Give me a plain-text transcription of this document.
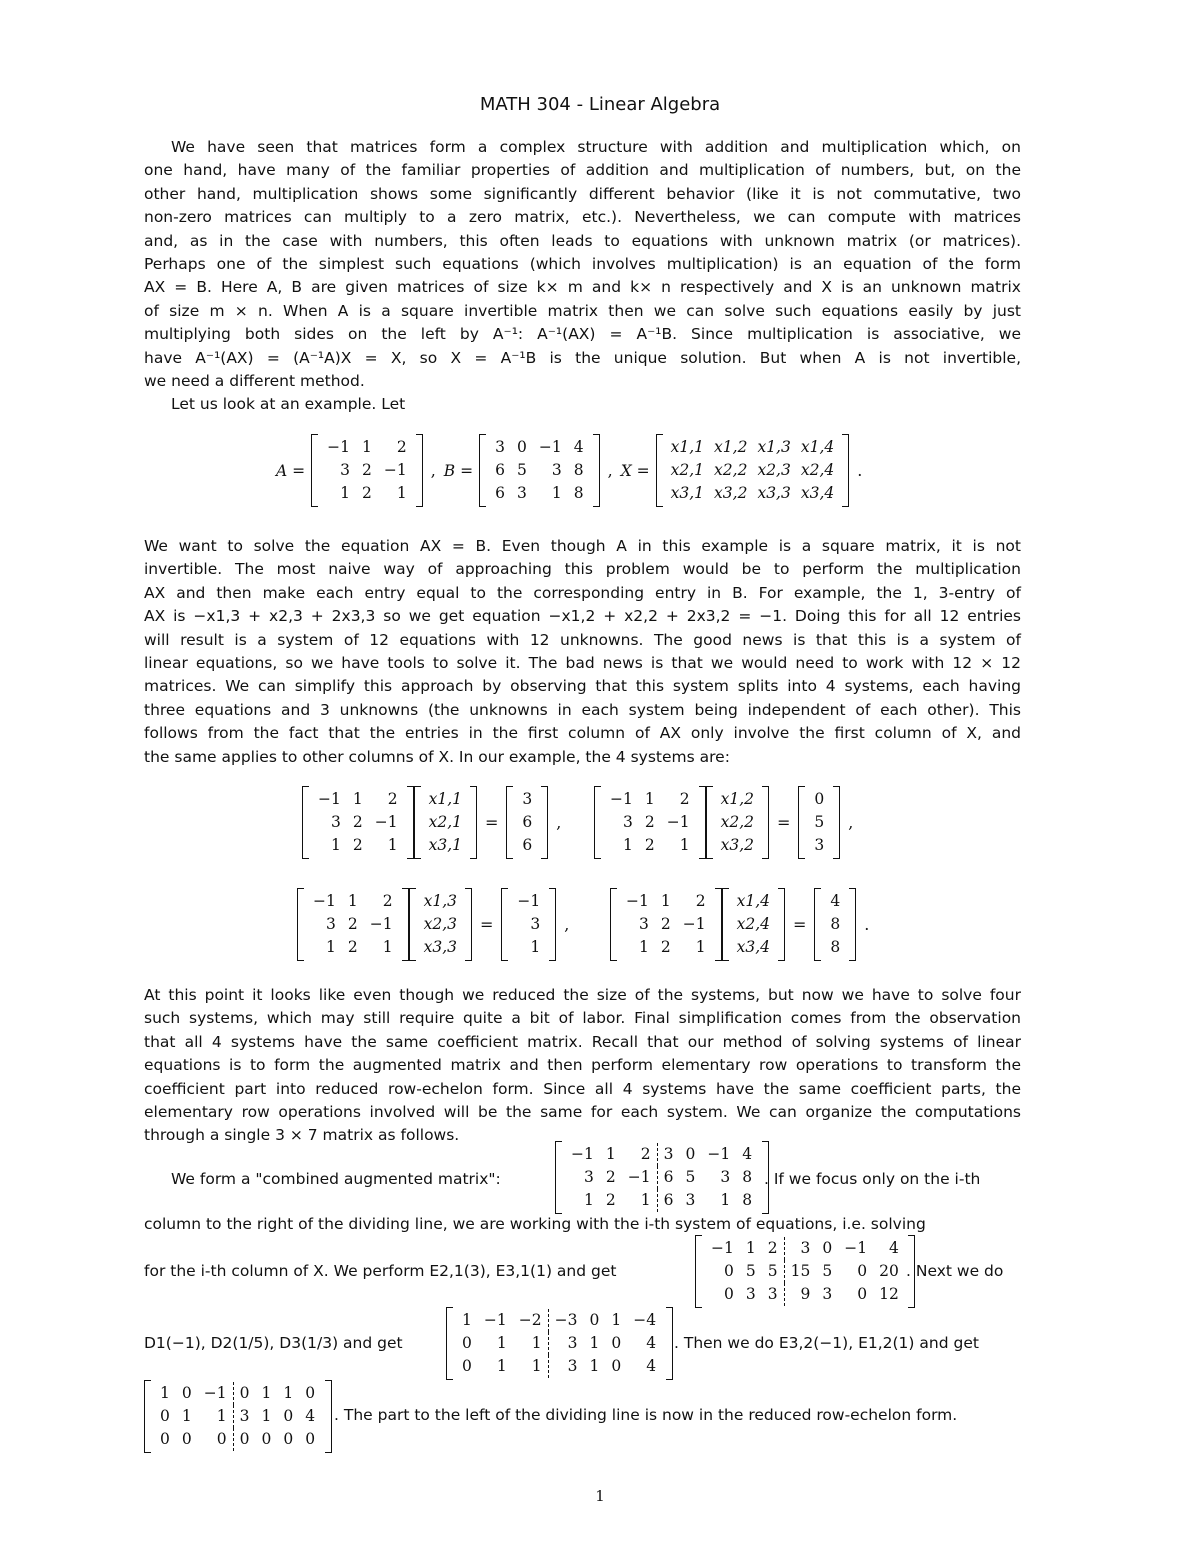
MATH 304 - Linear Algebra

We have seen that matrices form a complex structure with addition and multiplication which, on

one hand, have many of the familiar properties of addition and multiplication of numbers, but, on the

other hand, multiplication shows some significantly different behavior (like it is not commutative, two

non-zero matrices can multiply to a zero matrix, etc.). Nevertheless, we can compute with matrices

and, as in the case with numbers, this often leads to equations with unknown matrix (or matrices).

Perhaps one of the simplest such equations (which involves multiplication) is an equation of the form

AX = B. Here A, B are given matrices of size k× m and k× n respectively and X is an unknown matrix

of size m × n. When A is a square invertible matrix then we can solve such equations easily by just

multiplying both sides on the left by A⁻¹: A⁻¹(AX) = A⁻¹B. Since multiplication is associative, we

have A⁻¹(AX) = (A⁻¹A)X = X, so X = A⁻¹B is the unique solution. But when A is not invertible,

we need a different method.

Let us look at an example. Let

A =
−1	1	2
3	2	−1
1	2	1
, B =
3	0	−1	4
6	5	3	8
6	3	1	8
, X =
x1,1	x1,2	x1,3	x1,4
x2,1	x2,2	x2,3	x2,4
x3,1	x3,2	x3,3	x3,4
.

We want to solve the equation AX = B. Even though A in this example is a square matrix, it is not

invertible. The most naive way of approaching this problem would be to perform the multiplication

AX and then make each entry equal to the corresponding entry in B. For example, the 1, 3-entry of

AX is −x1,3 + x2,3 + 2x3,3 so we get equation −x1,2 + x2,2 + 2x3,2 = −1. Doing this for all 12 entries

will result is a system of 12 equations with 12 unknowns. The good news is that this is a system of

linear equations, so we have tools to solve it. The bad news is that we would need to work with 12 × 12

matrices. We can simplify this approach by observing that this system splits into 4 systems, each having

three equations and 3 unknowns (the unknowns in each system being independent of each other). This

follows from the fact that the entries in the first column of AX only involve the first column of X, and

the same applies to other columns of X. In our example, the 4 systems are:

−1	1	2
3	2	−1
1	2	1
x1,1
x2,1
x3,1
=
3
6
6
,
−1	1	2
3	2	−1
1	2	1
x1,2
x2,2
x3,2
=
0
5
3
,
−1	1	2
3	2	−1
1	2	1
x1,3
x2,3
x3,3
=
−1
3
1
,
−1	1	2
3	2	−1
1	2	1
x1,4
x2,4
x3,4
=
4
8
8
.

At this point it looks like even though we reduced the size of the systems, but now we have to solve four

such systems, which may still require quite a bit of labor. Final simplification comes from the observation

that all 4 systems have the same coefficient matrix. Recall that our method of solving systems of linear

equations is to form the augmented matrix and then perform elementary row operations to transform the

coefficient part into reduced row-echelon form. Since all 4 systems have the same coefficient parts, the

elementary row operations involved will be the same for each system. We can organize the computations

through a single 3 × 7 matrix as follows.

We form a "combined augmented matrix":
−1	1	2	3	0	−1	4
3	2	−1	6	5	3	8
1	2	1	6	3	1	8
. If we focus only on the i-th
column to the right of the dividing line, we are working with the i-th system of equations, i.e. solving
for the i-th column of X. We perform E2,1(3), E3,1(1) and get
−1	1	2	3	0	−1	4
0	5	5	15	5	0	20
0	3	3	9	3	0	12
. Next we do
D1(−1), D2(1/5), D3(1/3) and get
1	−1	−2	−3	0	1	−4
0	1	1	3	1	0	4
0	1	1	3	1	0	4
. Then we do E3,2(−1), E1,2(1) and get
1	0	−1	0	1	1	0
0	1	1	3	1	0	4
0	0	0	0	0	0	0
. The part to the left of the dividing line is now in the reduced row-echelon form.
1
